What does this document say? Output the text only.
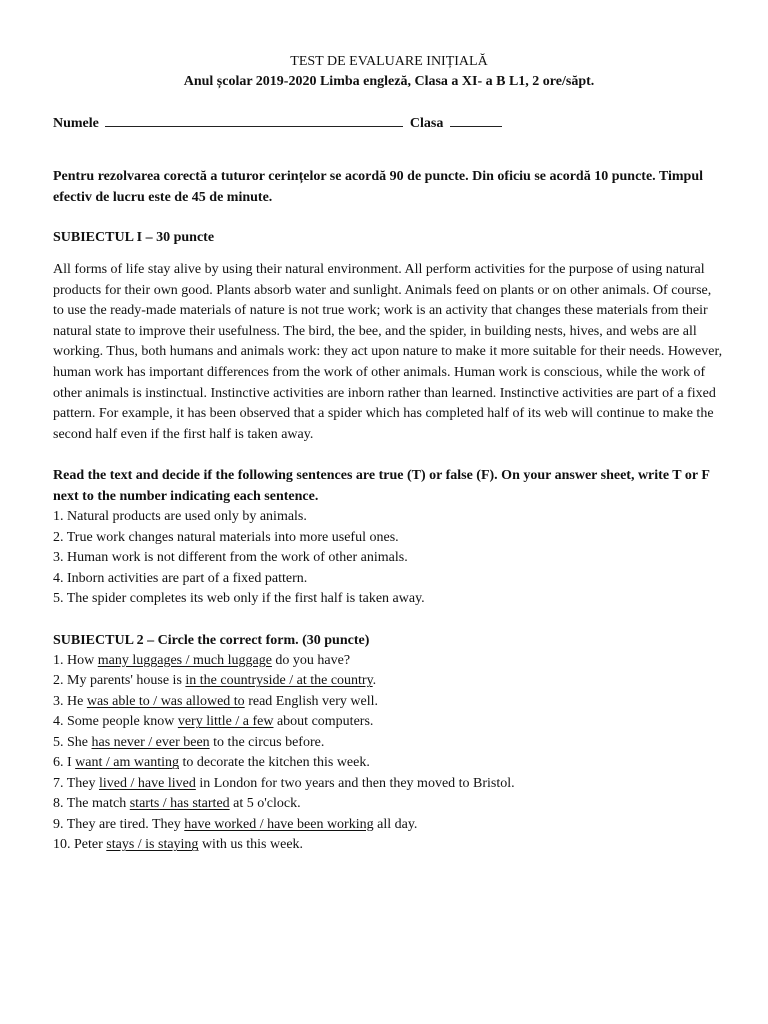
TEST DE EVALUARE INIȚIALĂ

Anul școlar 2019-2020 Limba engleză, Clasa a XI- a B L1, 2 ore/săpt.

Numele	Clasa
Pentru rezolvarea corectă a tuturor cerințelor se acordă 90 de puncte. Din oficiu se acordă 10 puncte. Timpul efectiv de lucru este de 45 de minute.
SUBIECTUL I – 30 puncte
All forms of life stay alive by using their natural environment. All perform activities for the purpose of using natural products for their own good. Plants absorb water and sunlight. Animals feed on plants or on other animals. Of course, to use the ready-made materials of nature is not true work; work is an activity that changes these materials from their natural state to improve their usefulness. The bird, the bee, and the spider, in building nests, hives, and webs are all working. Thus, both humans and animals work: they act upon nature to make it more suitable for their needs. However, human work has important differences from the work of other animals. Human work is conscious, while the work of other animals is instinctual. Instinctive activities are inborn rather than learned. Instinctive activities are part of a fixed pattern. For example, it has been observed that a spider which has completed half of its web will continue to make the second half even if the first half is taken away.
Read the text and decide if the following sentences are true (T) or false (F). On your answer sheet, write T or F next to the number indicating each sentence.
1. Natural products are used only by animals.
2. True work changes natural materials into more useful ones.
3. Human work is not different from the work of other animals.
4. Inborn activities are part of a fixed pattern.
5. The spider completes its web only if the first half is taken away.
SUBIECTUL 2 – Circle the correct form. (30 puncte)
1. How many luggages / much luggage do you have?
2. My parents' house is in the countryside / at the country.
3. He was able to / was allowed to read English very well.
4. Some people know very little / a few about computers.
5. She has never / ever been to the circus before.
6. I want / am wanting to decorate the kitchen this week.
7. They lived / have lived in London for two years and then they moved to Bristol.
8. The match starts / has started at 5 o'clock.
9. They are tired. They have worked / have been working all day.
10. Peter stays / is staying with us this week.
